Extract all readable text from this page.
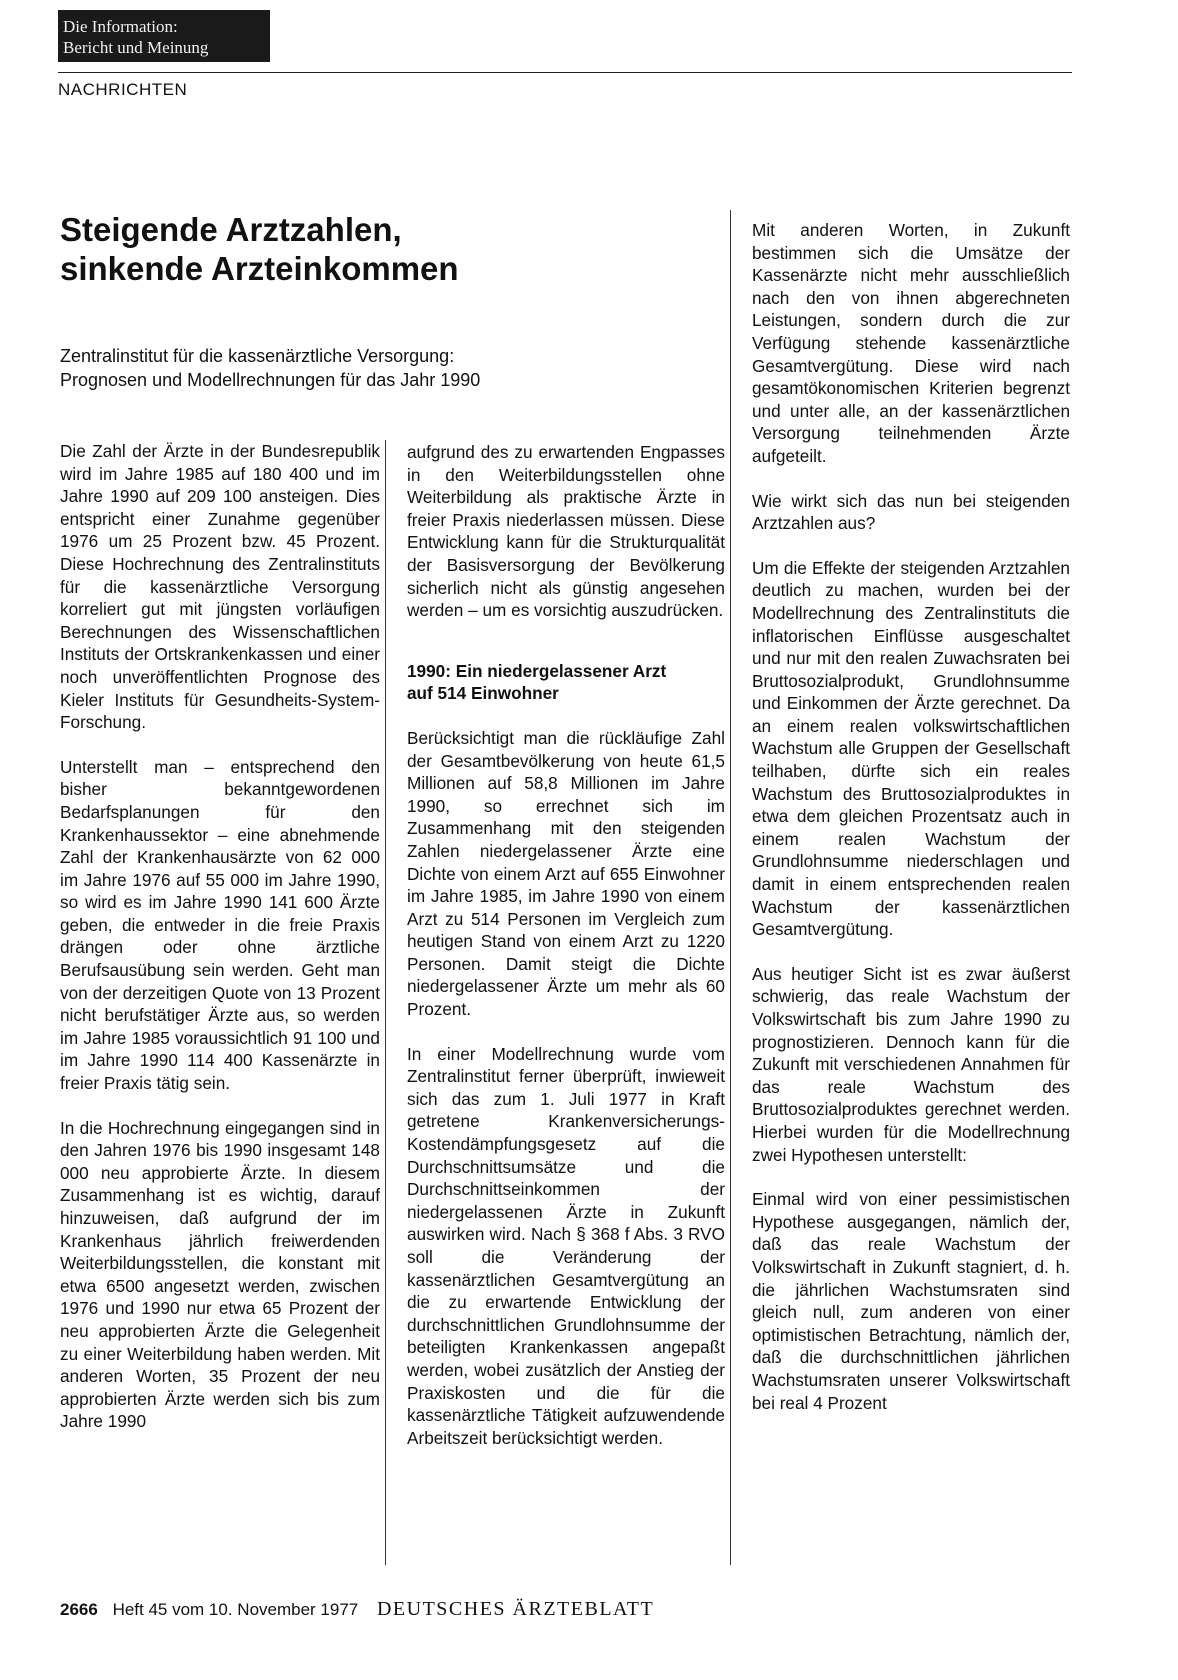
Die Information:
Bericht und Meinung
NACHRICHTEN
Steigende Arztzahlen,
sinkende Arzteinkommen
Zentralinstitut für die kassenärztliche Versorgung:
Prognosen und Modellrechnungen für das Jahr 1990

Die Zahl der Ärzte in der Bundesrepublik wird im Jahre 1985 auf 180 400 und im Jahre 1990 auf 209 100 ansteigen. Dies entspricht einer Zunahme gegenüber 1976 um 25 Prozent bzw. 45 Prozent. Diese Hochrechnung des Zentralinstituts für die kassenärztliche Versorgung korreliert gut mit jüngsten vorläufigen Berechnungen des Wissenschaftlichen Instituts der Ortskrankenkassen und einer noch unveröffentlichten Prognose des Kieler Instituts für Gesundheits-System-Forschung.

Unterstellt man – entsprechend den bisher bekanntgewordenen Bedarfsplanungen für den Krankenhaussektor – eine abnehmende Zahl der Krankenhausärzte von 62 000 im Jahre 1976 auf 55 000 im Jahre 1990, so wird es im Jahre 1990 141 600 Ärzte geben, die entweder in die freie Praxis drängen oder ohne ärztliche Berufsausübung sein werden. Geht man von der derzeitigen Quote von 13 Prozent nicht berufstätiger Ärzte aus, so werden im Jahre 1985 voraussichtlich 91 100 und im Jahre 1990 114 400 Kassenärzte in freier Praxis tätig sein.

In die Hochrechnung eingegangen sind in den Jahren 1976 bis 1990 insgesamt 148 000 neu approbierte Ärzte. In diesem Zusammenhang ist es wichtig, darauf hinzuweisen, daß aufgrund der im Krankenhaus jährlich freiwerdenden Weiterbildungsstellen, die konstant mit etwa 6500 angesetzt werden, zwischen 1976 und 1990 nur etwa 65 Prozent der neu approbierten Ärzte die Gelegenheit zu einer Weiterbildung haben werden. Mit anderen Worten, 35 Prozent der neu approbierten Ärzte werden sich bis zum Jahre 1990

aufgrund des zu erwartenden Engpasses in den Weiterbildungsstellen ohne Weiterbildung als praktische Ärzte in freier Praxis niederlassen müssen. Diese Entwicklung kann für die Strukturqualität der Basisversorgung der Bevölkerung sicherlich nicht als günstig angesehen werden – um es vorsichtig auszudrücken.

1990: Ein niedergelassener Arzt
auf 514 Einwohner

Berücksichtigt man die rückläufige Zahl der Gesamtbevölkerung von heute 61,5 Millionen auf 58,8 Millionen im Jahre 1990, so errechnet sich im Zusammenhang mit den steigenden Zahlen niedergelassener Ärzte eine Dichte von einem Arzt auf 655 Einwohner im Jahre 1985, im Jahre 1990 von einem Arzt zu 514 Personen im Vergleich zum heutigen Stand von einem Arzt zu 1220 Personen. Damit steigt die Dichte niedergelassener Ärzte um mehr als 60 Prozent.

In einer Modellrechnung wurde vom Zentralinstitut ferner überprüft, inwieweit sich das zum 1. Juli 1977 in Kraft getretene Krankenversicherungs-Kostendämpfungsgesetz auf die Durchschnittsumsätze und die Durchschnittseinkommen der niedergelassenen Ärzte in Zukunft auswirken wird. Nach § 368 f Abs. 3 RVO soll die Veränderung der kassenärztlichen Gesamtvergütung an die zu erwartende Entwicklung der durchschnittlichen Grundlohnsumme der beteiligten Krankenkassen angepaßt werden, wobei zusätzlich der Anstieg der Praxiskosten und die für die kassenärztliche Tätigkeit aufzuwendende Arbeitszeit berücksichtigt werden.

Mit anderen Worten, in Zukunft bestimmen sich die Umsätze der Kassenärzte nicht mehr ausschließlich nach den von ihnen abgerechneten Leistungen, sondern durch die zur Verfügung stehende kassenärztliche Gesamtvergütung. Diese wird nach gesamtökonomischen Kriterien begrenzt und unter alle, an der kassenärztlichen Versorgung teilnehmenden Ärzte aufgeteilt.

Wie wirkt sich das nun bei steigenden Arztzahlen aus?

Um die Effekte der steigenden Arztzahlen deutlich zu machen, wurden bei der Modellrechnung des Zentralinstituts die inflatorischen Einflüsse ausgeschaltet und nur mit den realen Zuwachsraten bei Bruttosozialprodukt, Grundlohnsumme und Einkommen der Ärzte gerechnet. Da an einem realen volkswirtschaftlichen Wachstum alle Gruppen der Gesellschaft teilhaben, dürfte sich ein reales Wachstum des Bruttosozialproduktes in etwa dem gleichen Prozentsatz auch in einem realen Wachstum der Grundlohnsumme niederschlagen und damit in einem entsprechenden realen Wachstum der kassenärztlichen Gesamtvergütung.

Aus heutiger Sicht ist es zwar äußerst schwierig, das reale Wachstum der Volkswirtschaft bis zum Jahre 1990 zu prognostizieren. Dennoch kann für die Zukunft mit verschiedenen Annahmen für das reale Wachstum des Bruttosozialproduktes gerechnet werden. Hierbei wurden für die Modellrechnung zwei Hypothesen unterstellt:

Einmal wird von einer pessimistischen Hypothese ausgegangen, nämlich der, daß das reale Wachstum der Volkswirtschaft in Zukunft stagniert, d. h. die jährlichen Wachstumsraten sind gleich null, zum anderen von einer optimistischen Betrachtung, nämlich der, daß die durchschnittlichen jährlichen Wachstumsraten unserer Volkswirtschaft bei real 4 Prozent

2666 Heft 45 vom 10. November 1977 DEUTSCHES ÄRZTEBLATT
